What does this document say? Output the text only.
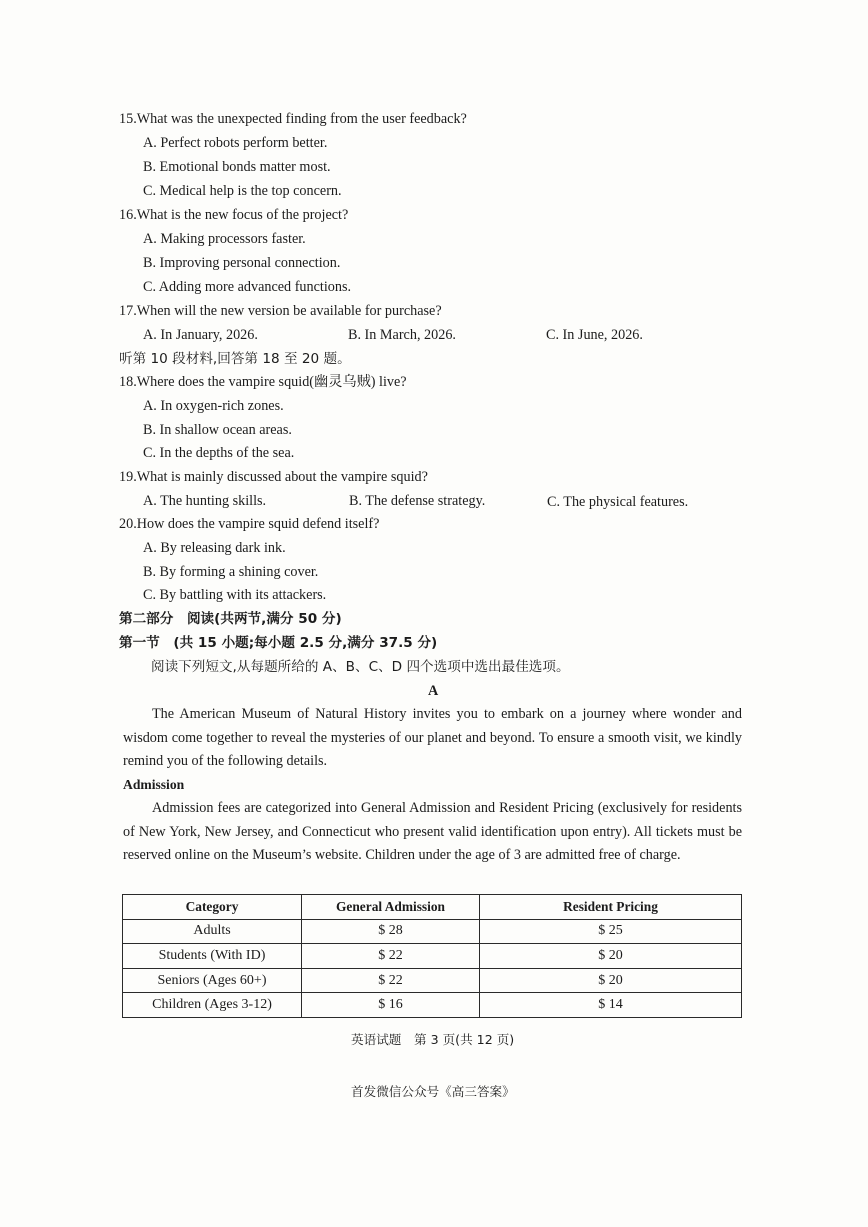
15.What was the unexpected finding from the user feedback?
A. Perfect robots perform better.
B. Emotional bonds matter most.
C. Medical help is the top concern.
16.What is the new focus of the project?
A. Making processors faster.
B. Improving personal connection.
C. Adding more advanced functions.
17.When will the new version be available for purchase?
A. In January, 2026.	B. In March, 2026.	C. In June, 2026.
听第 10 段材料,回答第 18 至 20 题。
18.Where does the vampire squid(幽灵乌贼) live?
A. In oxygen-rich zones.
B. In shallow ocean areas.
C. In the depths of the sea.
19.What is mainly discussed about the vampire squid?
A. The hunting skills.	B. The defense strategy.	C. The physical features.
20.How does the vampire squid defend itself?
A. By releasing dark ink.
B. By forming a shining cover.
C. By battling with its attackers.
第二部分　阅读(共两节,满分 50 分)
第一节　(共 15 小题;每小题 2.5 分,满分 37.5 分)
阅读下列短文,从每题所给的 A、B、C、D 四个选项中选出最佳选项。
A
The American Museum of Natural History invites you to embark on a journey where wonder and wisdom come together to reveal the mysteries of our planet and beyond. To ensure a smooth visit, we kindly remind you of the following details.
Admission
Admission fees are categorized into General Admission and Resident Pricing (exclusively for residents of New York, New Jersey, and Connecticut who present valid identification upon entry). All tickets must be reserved online on the Museum’s website. Children under the age of 3 are admitted free of charge.
Category	General Admission	Resident Pricing
Adults	$ 28	$ 25
Students (With ID)	$ 22	$ 20
Seniors (Ages 60+)	$ 22	$ 20
Children (Ages 3-12)	$ 16	$ 14
英语试题　第 3 页(共 12 页)
首发微信公众号《高三答案》
